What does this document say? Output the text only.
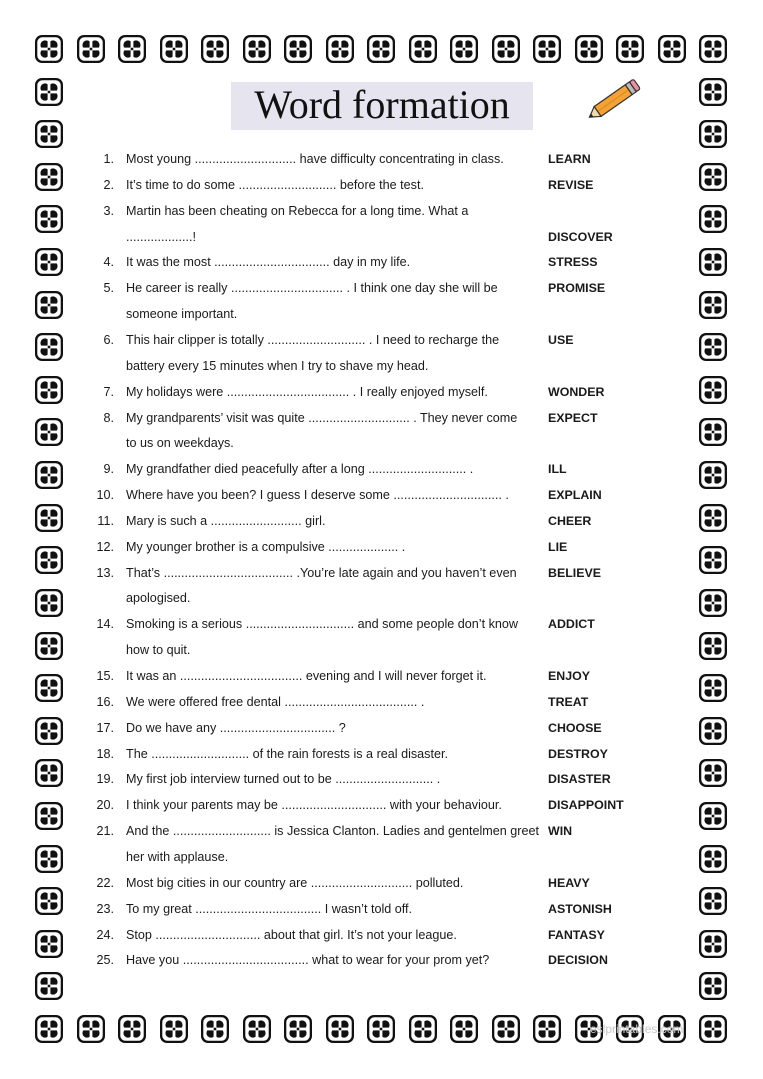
Word formation
1. Most young ............................. have difficulty concentrating in class.	LEARN
2. It’s time to do some ............................ before the test.	REVISE
3. Martin has been cheating on Rebecca for a long time. What a
...................!	DISCOVER
4. It was the most ................................. day in my life.	STRESS
5. He career is really ................................ . I think one day she will be
someone important.
PROMISE
6. This hair clipper is totally ............................ . I need to recharge the
battery every 15 minutes when I try to shave my head.
USE
7. My holidays were ................................... . I really enjoyed myself.	WONDER
8. My grandparents’ visit was quite ............................. . They never come
to us on weekdays.
EXPECT
9. My grandfather died peacefully after a long ............................ .	ILL
10. Where have you been? I guess I deserve some ............................... .	EXPLAIN
11. Mary is such a .......................... girl.	CHEER
12. My younger brother is a compulsive .................... .	LIE
13. That’s ..................................... .You’re late again and you haven’t even
apologised.
BELIEVE
14. Smoking is a serious ............................... and some people don’t know
how to quit.
ADDICT
15. It was an ................................... evening and I will never forget it.	ENJOY
16. We were offered free dental ...................................... .	TREAT
17. Do we have any ................................. ?	CHOOSE
18. The ............................ of the rain forests is a real disaster.	DESTROY
19. My first job interview turned out to be ............................ .	DISASTER
20. I think your parents may be .............................. with your behaviour.	DISAPPOINT
21. And the ............................ is Jessica Clanton. Ladies and gentelmen greet
her with applause.
WIN
22. Most big cities in our country are ............................. polluted.	HEAVY
23. To my great .................................... I wasn’t told off.	ASTONISH
24. Stop .............................. about that girl. It’s not your league.	FANTASY
25. Have you .................................... what to wear for your prom yet?	DECISION
eslprintables.com
